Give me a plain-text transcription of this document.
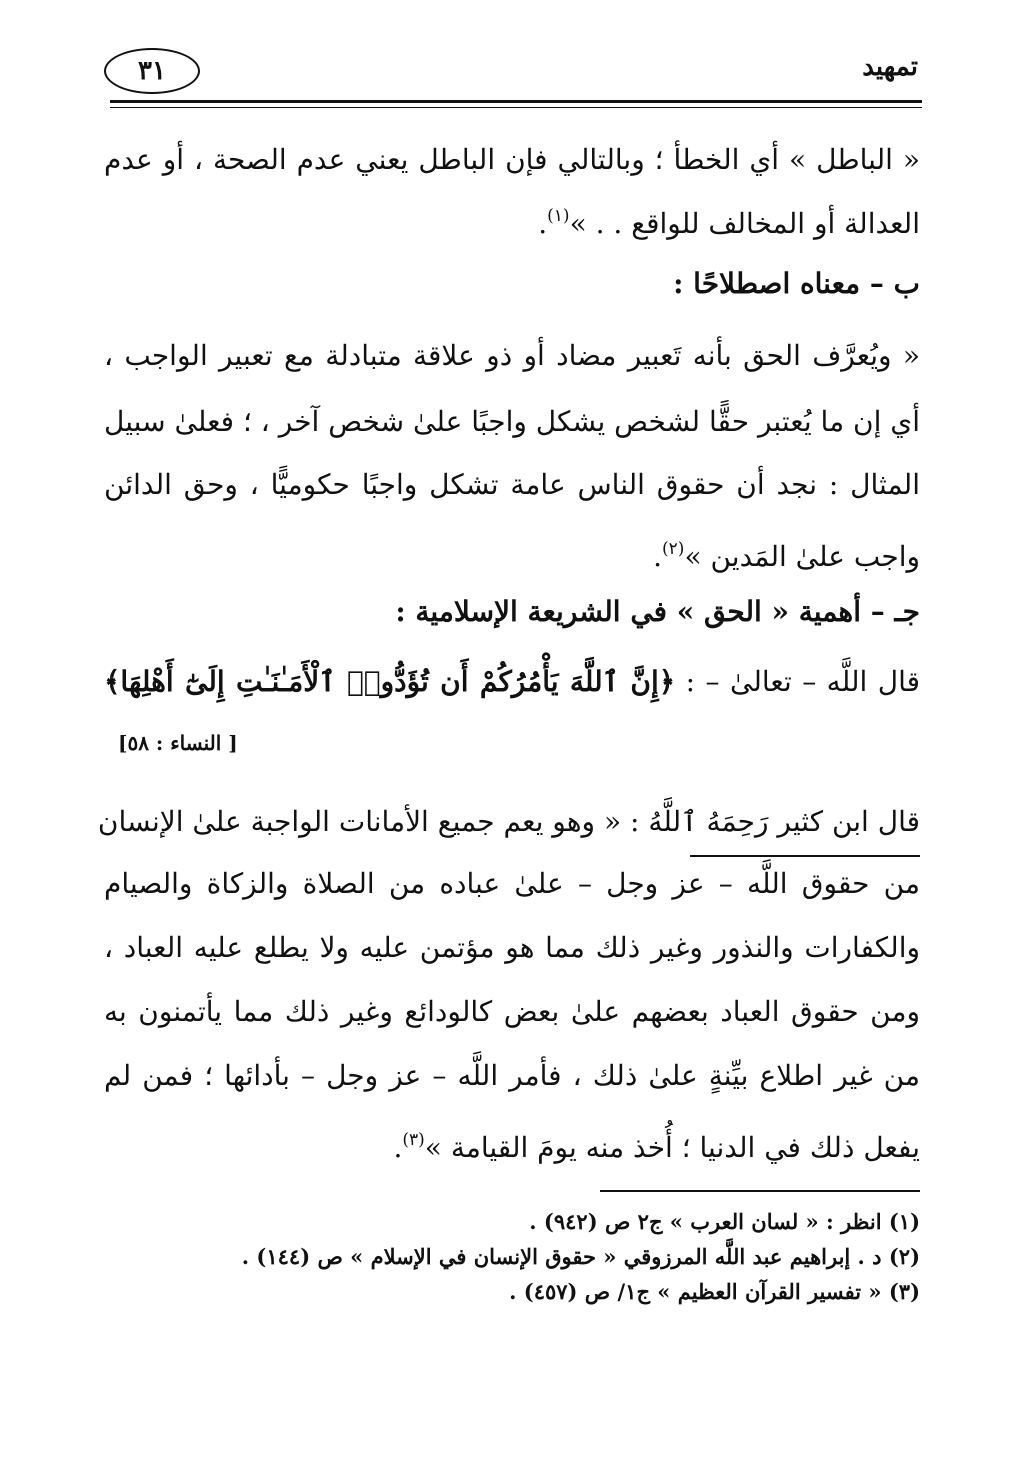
تمهيد
٣١
« الباطل » أي الخطأ ؛ وبالتالي فإن الباطل يعني عدم الصحة ، أو عدم
العدالة أو المخالف للواقع . . »$^{(١)}$.
ب – معناه اصطلاحًا :
« ويُعرَّف الحق بأنه تَعبير مضاد أو ذو علاقة متبادلة مع تعبير الواجب ،
أي إن ما يُعتبر حقًّا لشخص يشكل واجبًا علىٰ شخص آخر ، ؛ فعلىٰ سبيل
المثال : نجد أن حقوق الناس عامة تشكل واجبًا حكوميًّا ، وحق الدائن
واجب علىٰ المَدين »$^{(٢)}$.
جـ – أهمية « الحق » في الشريعة الإسلامية :
قال اللَّه – تعالىٰ – : ﴿إِنَّ ٱللَّهَ يَأْمُرُكُمْ أَن تُؤَدُّوا۟ ٱلْأَمَـٰنَـٰتِ إِلَىٰٓ أَهْلِهَا﴾
[ النساء : ٥٨]
قال ابن كثير رَحِمَهُ ٱللَّهُ : « وهو يعم جميع الأمانات الواجبة علىٰ الإنسان
من حقوق اللَّه – عز وجل – علىٰ عباده من الصلاة والزكاة والصيام
والكفارات والنذور وغير ذلك مما هو مؤتمن عليه ولا يطلع عليه العباد ،
ومن حقوق العباد بعضهم علىٰ بعض كالودائع وغير ذلك مما يأتمنون به
من غير اطلاع بيِّنةٍ علىٰ ذلك ، فأمر اللَّه – عز وجل – بأدائها ؛ فمن لم
يفعل ذلك في الدنيا ؛ أُخذ منه يومَ القيامة »$^{(٣)}$.
(١) انظر : « لسان العرب » ج٢ ص (٩٤٢) .
(٢) د . إبراهيم عبد اللَّه المرزوقي « حقوق الإنسان في الإسلام » ص (١٤٤) .
(٣) « تفسير القرآن العظيم » ج١/ ص (٤٥٧) .
